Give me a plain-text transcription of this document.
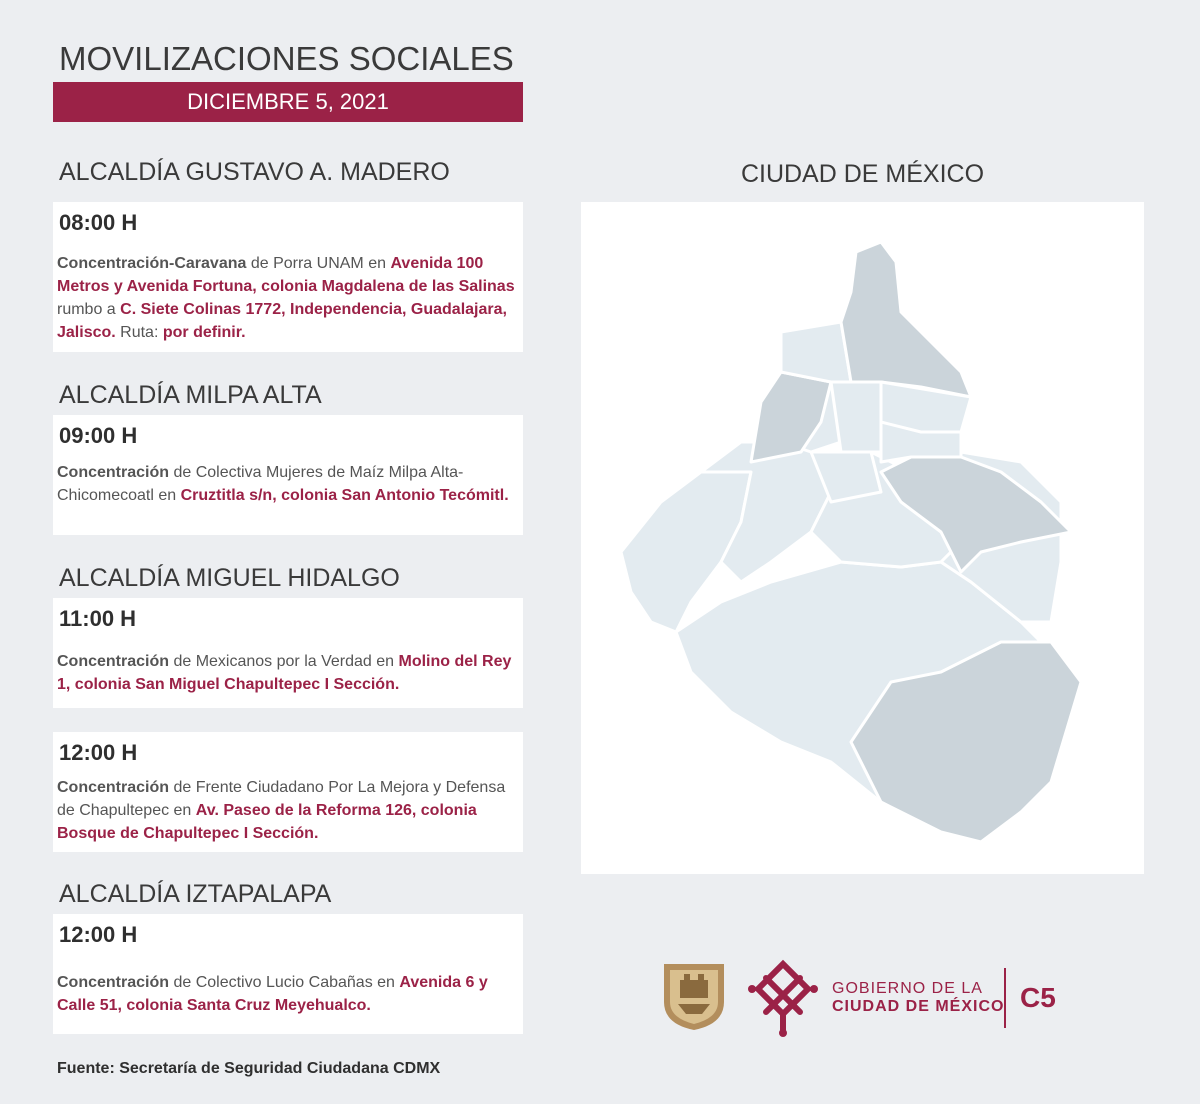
MOVILIZACIONES SOCIALES
DICIEMBRE 5, 2021
ALCALDÍA GUSTAVO A. MADERO
08:00 H
Concentración-Caravana de Porra UNAM en Avenida 100 Metros y Avenida Fortuna, colonia Magdalena de las Salinas rumbo a C. Siete Colinas 1772, Independencia, Guadalajara, Jalisco. Ruta: por definir.
ALCALDÍA MILPA ALTA
09:00 H
Concentración de Colectiva Mujeres de Maíz Milpa Alta-Chicomecoatl en Cruztitla s/n, colonia San Antonio Tecómitl.
ALCALDÍA MIGUEL HIDALGO
11:00 H
Concentración de Mexicanos por la Verdad en Molino del Rey 1, colonia San Miguel Chapultepec I Sección.
12:00 H
Concentración de Frente Ciudadano Por La Mejora y Defensa de Chapultepec en Av. Paseo de la Reforma 126, colonia Bosque de Chapultepec I Sección.
ALCALDÍA IZTAPALAPA
12:00 H
Concentración de Colectivo Lucio Cabañas en Avenida 6 y Calle 51, colonia Santa Cruz Meyehualco.
Fuente: Secretaría de Seguridad Ciudadana CDMX
CIUDAD DE MÉXICO
GOBIERNO DE LA
CIUDAD DE MÉXICO C5
